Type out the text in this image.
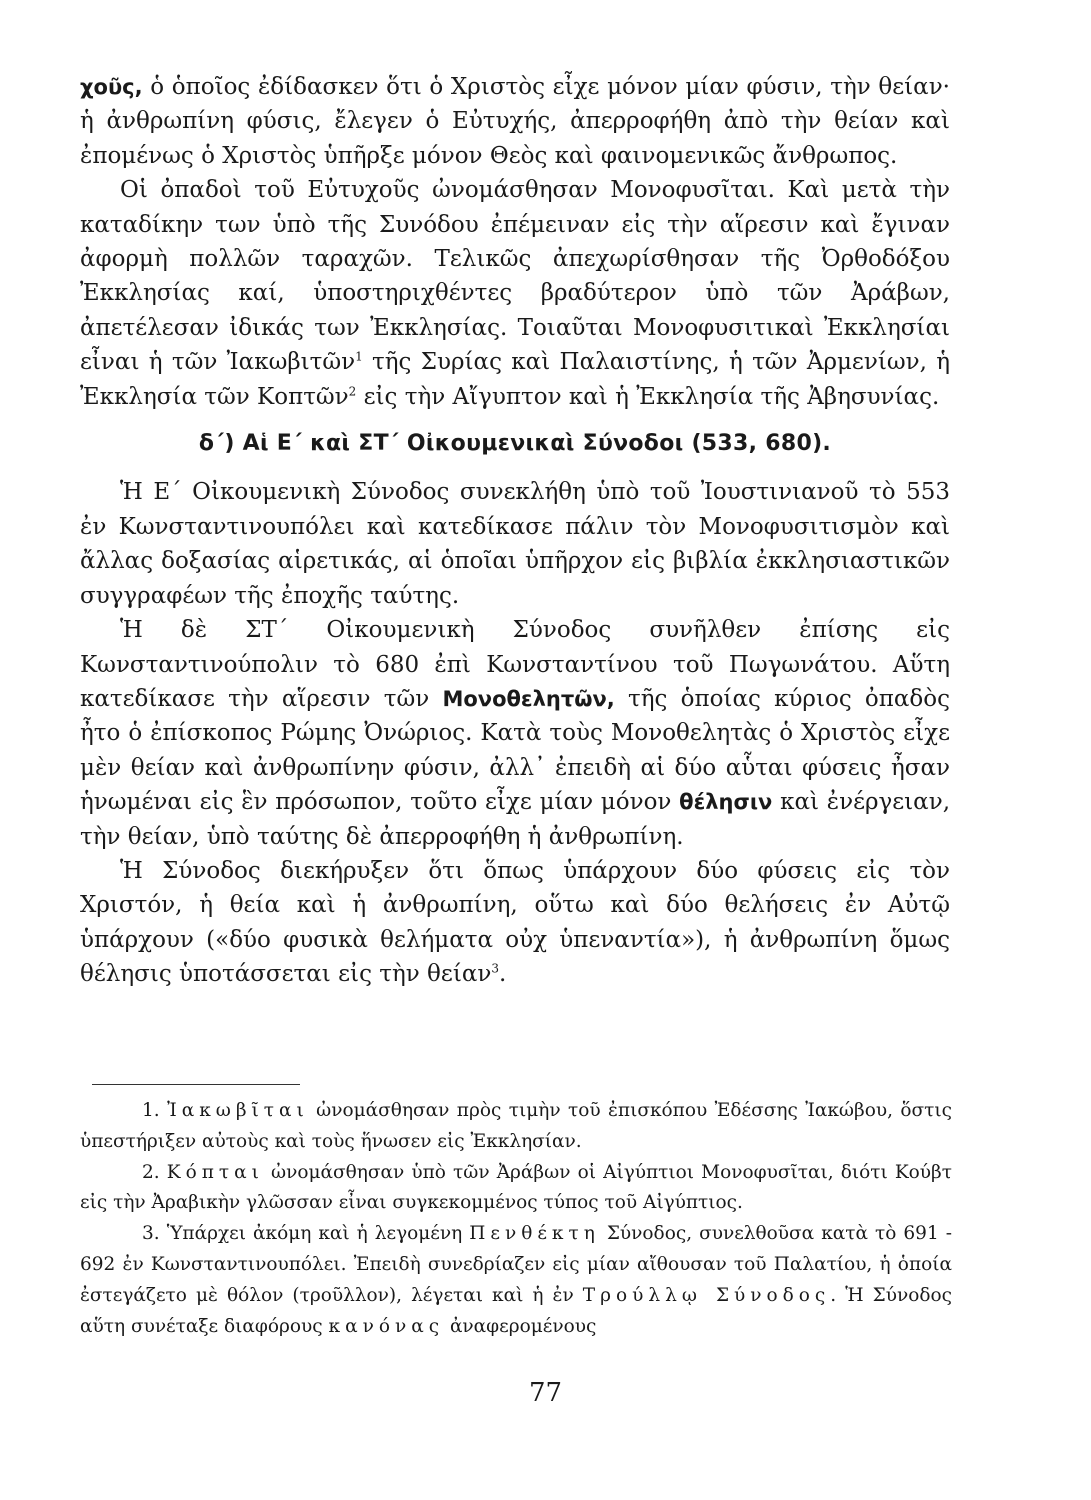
χοῦς, ὁ ὁποῖος ἐδίδασκεν ὅτι ὁ Χριστὸς εἶχε μόνον μίαν φύσιν, τὴν θείαν· ἡ ἀνθρωπίνη φύσις, ἔλεγεν ὁ Εὐτυχής, ἀπερροφήθη ἀπὸ τὴν θείαν καὶ ἐπομένως ὁ Χριστὸς ὑπῆρξε μόνον Θεὸς καὶ φαινομενικῶς ἄνθρωπος.

Οἱ ὀπαδοὶ τοῦ Εὐτυχοῦς ὠνομάσθησαν Μονοφυσῖται. Καὶ μετὰ τὴν καταδίκην των ὑπὸ τῆς Συνόδου ἐπέμειναν εἰς τὴν αἵρεσιν καὶ ἔγιναν ἀφορμὴ πολλῶν ταραχῶν. Τελικῶς ἀπεχωρίσθησαν τῆς Ὀρθοδόξου Ἐκκλησίας καί, ὑποστηριχθέντες βραδύτερον ὑπὸ τῶν Ἀράβων, ἀπετέλεσαν ἰδικάς των Ἐκκλησίας. Τοιαῦται Μονοφυσιτικαὶ Ἐκκλησίαι εἶναι ἡ τῶν Ἰακωβιτῶν$^1$ τῆς Συρίας καὶ Παλαιστίνης, ἡ τῶν Ἀρμενίων, ἡ Ἐκκλησία τῶν Κοπτῶν$^2$ εἰς τὴν Αἴγυπτον καὶ ἡ Ἐκκλησία τῆς Ἀβησυνίας.

δ΄) Αἱ Ε΄ καὶ ΣΤ΄ Οἰκουμενικαὶ Σύνοδοι (533, 680).

Ἡ Ε΄ Οἰκουμενικὴ Σύνοδος συνεκλήθη ὑπὸ τοῦ Ἰουστινιανοῦ τὸ 553 ἐν Κωνσταντινουπόλει καὶ κατεδίκασε πάλιν τὸν Μονοφυσιτισμὸν καὶ ἄλλας δοξασίας αἱρετικάς, αἱ ὁποῖαι ὑπῆρχον εἰς βιβλία ἐκκλησιαστικῶν συγγραφέων τῆς ἐποχῆς ταύτης.

Ἡ δὲ ΣΤ΄ Οἰκουμενικὴ Σύνοδος συνῆλθεν ἐπίσης εἰς Κωνσταντινούπολιν τὸ 680 ἐπὶ Κωνσταντίνου τοῦ Πωγωνάτου. Αὕτη κατεδίκασε τὴν αἵρεσιν τῶν Μονοθελητῶν, τῆς ὁποίας κύριος ὀπαδὸς ἦτο ὁ ἐπίσκοπος Ρώμης Ὀνώριος. Κατὰ τοὺς Μονοθελητὰς ὁ Χριστὸς εἶχε μὲν θείαν καὶ ἀνθρωπίνην φύσιν, ἀλλ᾽ ἐπειδὴ αἱ δύο αὗται φύσεις ἦσαν ἡνωμέναι εἰς ἓν πρόσωπον, τοῦτο εἶχε μίαν μόνον θέλησιν καὶ ἐνέργειαν, τὴν θείαν, ὑπὸ ταύτης δὲ ἀπερροφήθη ἡ ἀνθρωπίνη.

Ἡ Σύνοδος διεκήρυξεν ὅτι ὅπως ὑπάρχουν δύο φύσεις εἰς τὸν Χριστόν, ἡ θεία καὶ ἡ ἀνθρωπίνη, οὕτω καὶ δύο θελήσεις ἐν Αὐτῷ ὑπάρχουν («δύο φυσικὰ θελήματα οὐχ ὑπεναντία»), ἡ ἀνθρωπίνη ὅμως θέλησις ὑποτάσσεται εἰς τὴν θείαν$^3$.

1. Ἰακωβῖται ὠνομάσθησαν πρὸς τιμὴν τοῦ ἐπισκόπου Ἐδέσσης Ἰακώβου, ὅστις ὑπεστήριξεν αὐτοὺς καὶ τοὺς ἥνωσεν εἰς Ἐκκλησίαν.

2. Κόπται ὠνομάσθησαν ὑπὸ τῶν Ἀράβων οἱ Αἰγύπτιοι Μονοφυσῖται, διότι Κούβτ εἰς τὴν Ἀραβικὴν γλῶσσαν εἶναι συγκεκομμένος τύπος τοῦ Αἰγύπτιος.

3. Ὑπάρχει ἀκόμη καὶ ἡ λεγομένη Πενθέκτη Σύνοδος, συνελθοῦσα κατὰ τὸ 691 - 692 ἐν Κωνσταντινουπόλει. Ἐπειδὴ συνεδρίαζεν εἰς μίαν αἴθουσαν τοῦ Παλατίου, ἡ ὁποία ἐστεγάζετο μὲ θόλον (τροῦλλον), λέγεται καὶ ἡ ἐν Τρούλλῳ Σύνοδος. Ἡ Σύνοδος αὕτη συνέταξε διαφόρους κανόνας ἀναφερομένους

77
